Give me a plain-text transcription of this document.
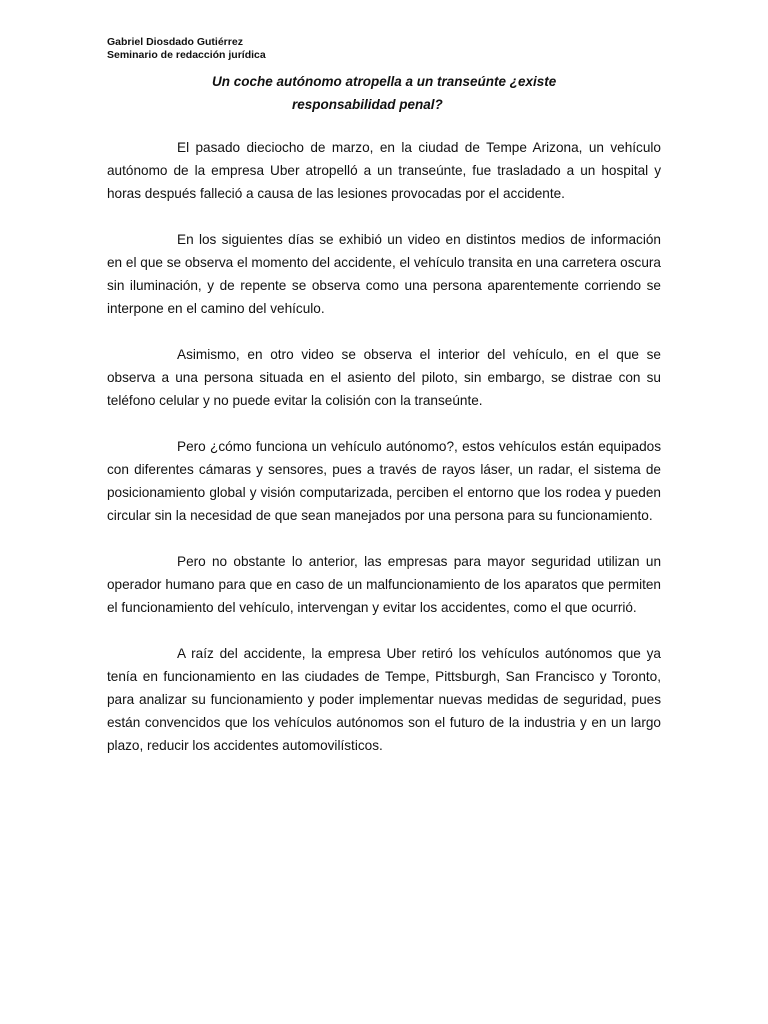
Gabriel Diosdado Gutiérrez
Seminario de redacción jurídica
Un coche autónomo atropella a un transeúnte ¿existe
responsabilidad penal?

El pasado dieciocho de marzo, en la ciudad de Tempe Arizona, un vehículo autónomo de la empresa Uber atropelló a un transeúnte, fue trasladado a un hospital y horas después falleció a causa de las lesiones provocadas por el accidente.

En los siguientes días se exhibió un video en distintos medios de información en el que se observa el momento del accidente, el vehículo transita en una carretera oscura sin iluminación, y de repente se observa como una persona aparentemente corriendo se interpone en el camino del vehículo.

Asimismo, en otro video se observa el interior del vehículo, en el que se observa a una persona situada en el asiento del piloto, sin embargo, se distrae con su teléfono celular y no puede evitar la colisión con la transeúnte.

Pero ¿cómo funciona un vehículo autónomo?, estos vehículos están equipados con diferentes cámaras y sensores, pues a través de rayos láser, un radar, el sistema de posicionamiento global y visión computarizada, perciben el entorno que los rodea y pueden circular sin la necesidad de que sean manejados por una persona para su funcionamiento.

Pero no obstante lo anterior, las empresas para mayor seguridad utilizan un operador humano para que en caso de un malfuncionamiento de los aparatos que permiten el funcionamiento del vehículo, intervengan y evitar los accidentes, como el que ocurrió.

A raíz del accidente, la empresa Uber retiró los vehículos autónomos que ya tenía en funcionamiento en las ciudades de Tempe, Pittsburgh, San Francisco y Toronto, para analizar su funcionamiento y poder implementar nuevas medidas de seguridad, pues están convencidos que los vehículos autónomos son el futuro de la industria y en un largo plazo, reducir los accidentes automovilísticos.
